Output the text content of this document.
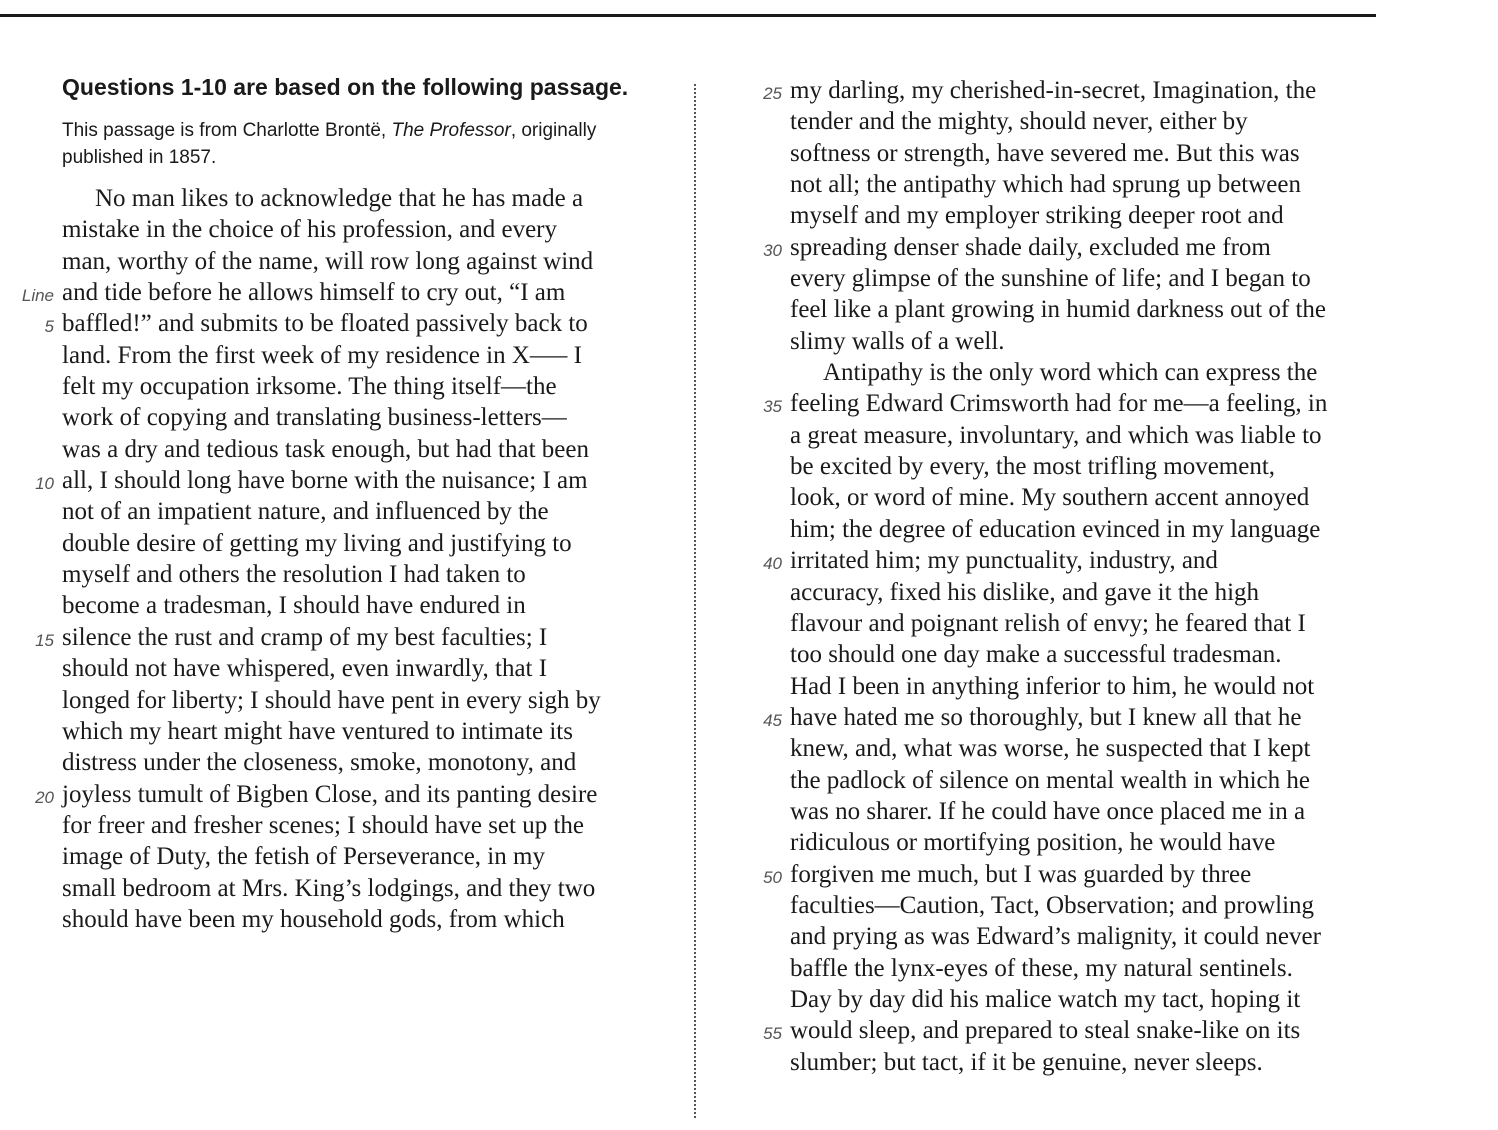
Questions 1-10 are based on the following passage.

This passage is from Charlotte Brontë, The Professor, originally published in 1857.

No man likes to acknowledge that he has made a
mistake in the choice of his profession, and every
man, worthy of the name, will row long against wind
Line and tide before he allows himself to cry out, “I am
5 baffled!” and submits to be floated passively back to
land. From the first week of my residence in X—– I
felt my occupation irksome. The thing itself—the
work of copying and translating business-letters—
was a dry and tedious task enough, but had that been
10 all, I should long have borne with the nuisance; I am
not of an impatient nature, and influenced by the
double desire of getting my living and justifying to
myself and others the resolution I had taken to
become a tradesman, I should have endured in
15 silence the rust and cramp of my best faculties; I
should not have whispered, even inwardly, that I
longed for liberty; I should have pent in every sigh by
which my heart might have ventured to intimate its
distress under the closeness, smoke, monotony, and
20 joyless tumult of Bigben Close, and its panting desire
for freer and fresher scenes; I should have set up the
image of Duty, the fetish of Perseverance, in my
small bedroom at Mrs. King’s lodgings, and they two
should have been my household gods, from which
25 my darling, my cherished-in-secret, Imagination, the
tender and the mighty, should never, either by
softness or strength, have severed me. But this was
not all; the antipathy which had sprung up between
myself and my employer striking deeper root and
30 spreading denser shade daily, excluded me from
every glimpse of the sunshine of life; and I began to
feel like a plant growing in humid darkness out of the
slimy walls of a well.
Antipathy is the only word which can express the
35 feeling Edward Crimsworth had for me—a feeling, in
a great measure, involuntary, and which was liable to
be excited by every, the most trifling movement,
look, or word of mine. My southern accent annoyed
him; the degree of education evinced in my language
40 irritated him; my punctuality, industry, and
accuracy, fixed his dislike, and gave it the high
flavour and poignant relish of envy; he feared that I
too should one day make a successful tradesman.
Had I been in anything inferior to him, he would not
45 have hated me so thoroughly, but I knew all that he
knew, and, what was worse, he suspected that I kept
the padlock of silence on mental wealth in which he
was no sharer. If he could have once placed me in a
ridiculous or mortifying position, he would have
50 forgiven me much, but I was guarded by three
faculties—Caution, Tact, Observation; and prowling
and prying as was Edward’s malignity, it could never
baffle the lynx-eyes of these, my natural sentinels.
Day by day did his malice watch my tact, hoping it
55 would sleep, and prepared to steal snake-like on its
slumber; but tact, if it be genuine, never sleeps.
